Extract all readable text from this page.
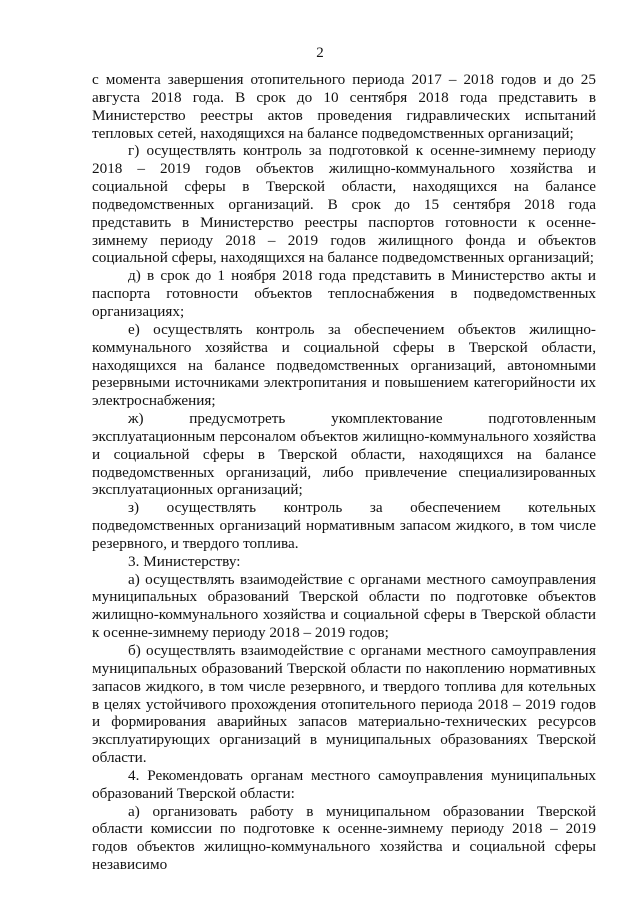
2

с момента завершения отопительного периода 2017 – 2018 годов и до 25 августа 2018 года. В срок до 10 сентября 2018 года представить в Министерство реестры актов проведения гидравлических испытаний тепловых сетей, находящихся на балансе подведомственных организаций;

г) осуществлять контроль за подготовкой к осенне-зимнему периоду 2018 – 2019 годов объектов жилищно-коммунального хозяйства и социальной сферы в Тверской области, находящихся на балансе подведомственных организаций. В срок до 15 сентября 2018 года представить в Министерство реестры паспортов готовности к осенне-зимнему периоду 2018 – 2019 годов жилищного фонда и объектов социальной сферы, находящихся на балансе подведомственных организаций;

д) в срок до 1 ноября 2018 года представить в Министерство акты и паспорта готовности объектов теплоснабжения в подведомственных организациях;

е) осуществлять контроль за обеспечением объектов жилищно-коммунального хозяйства и социальной сферы в Тверской области, находящихся на балансе подведомственных организаций, автономными резервными источниками электропитания и повышением категорийности их электроснабжения;

ж) предусмотреть укомплектование подготовленным эксплуатационным персоналом объектов жилищно-коммунального хозяйства и социальной сферы в Тверской области, находящихся на балансе подведомственных организаций, либо привлечение специализированных эксплуатационных организаций;

з) осуществлять контроль за обеспечением котельных подведомственных организаций нормативным запасом жидкого, в том числе резервного, и твердого топлива.

3. Министерству:

а) осуществлять взаимодействие с органами местного самоуправления муниципальных образований Тверской области по подготовке объектов жилищно-коммунального хозяйства и социальной сферы в Тверской области к осенне-зимнему периоду 2018 – 2019 годов;

б) осуществлять взаимодействие с органами местного самоуправления муниципальных образований Тверской области по накоплению нормативных запасов жидкого, в том числе резервного, и твердого топлива для котельных в целях устойчивого прохождения отопительного периода 2018 – 2019 годов и формирования аварийных запасов материально-технических ресурсов эксплуатирующих организаций в муниципальных образованиях Тверской области.

4. Рекомендовать органам местного самоуправления муниципальных образований Тверской области:

а) организовать работу в муниципальном образовании Тверской области комиссии по подготовке к осенне-зимнему периоду 2018 – 2019 годов объектов жилищно-коммунального хозяйства и социальной сферы независимо
